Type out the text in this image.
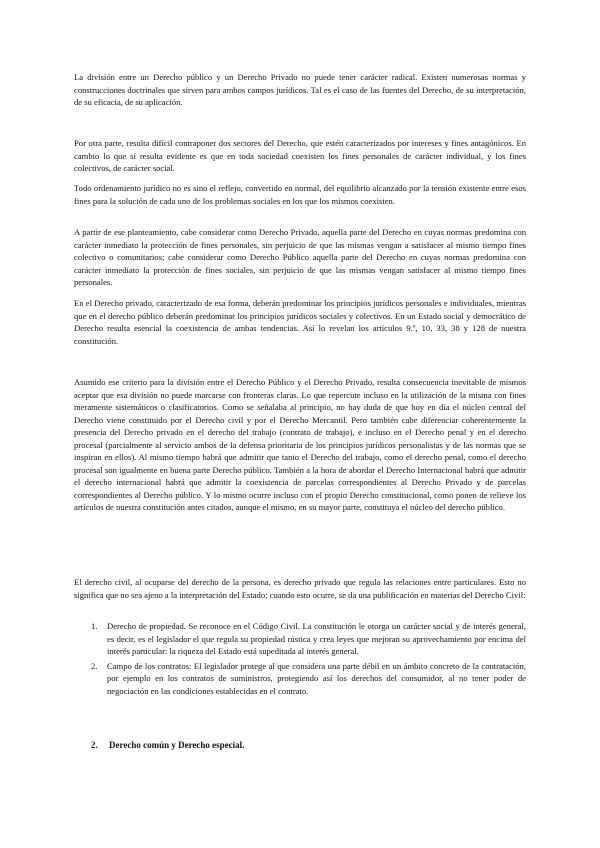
La división entre un Derecho público y un Derecho Privado no puede tener carácter radical. Existen numerosas normas y construcciones doctrinales que sirven para ambos campos jurídicos. Tal es el caso de las fuentes del Derecho, de su interpretación, de su eficacia, de su aplicación.

Por otra parte, resulta difícil contraponer dos sectores del Derecho, que estén caracterizados por intereses y fines antagónicos. En cambio lo que sí resulta evidente es que en toda sociedad coexisten los fines personales de carácter individual, y los fines colectivos, de carácter social.

Todo ordenamiento jurídico no es sino el reflejo, convertido en normal, del equilibrio alcanzado por la tensión existente entre esos fines para la solución de cada uno de los problemas sociales en los que los mismos coexisten.

A partir de ese planteamiento, cabe considerar como Derecho Privado, aquella parte del Derecho en cuyas normas predomina con carácter inmediato la protección de fines personales, sin perjuicio de que las mismas vengan a satisfacer al mismo tiempo fines colectivo o comunitarios; cabe considerar como Derecho Público aquella parte del Derecho en cuyas normas predomina con carácter inmediato la protección de fines sociales, sin perjuicio de que las mismas vengan satisfacer al mismo tiempo fines personales.

En el Derecho privado, caracterizado de esa forma, deberán predominar los principios jurídicos personales e individuales, mientras que en el derecho público deberán predominar los principios jurídicos sociales y colectivos. En un Estado social y democrático de Derecho resulta esencial la coexistencia de ambas tendencias. Así lo revelan los artículos 9.º, 10, 33, 38 y 128 de nuestra constitución.

Asumido ese criterio para la división entre el Derecho Público y el Derecho Privado, resulta consecuencia inevitable de mismos aceptar que esa división no puede marcarse con fronteras claras. Lo que repercute incluso en la utilización de la misma con fines meramente sistemáticos o clasificatorios. Como se señalaba al principio, no hay duda de que hoy en día el núcleo central del Derecho viene constituido por el Derecho civil y por el Derecho Mercantil. Pero también cabe diferenciar coherentemente la presencia del Derecho privado en el derecho del trabajo (contrato de trabajo), e incluso en el Derecho penal y en el derecho procesal (parcialmente al servicio ambos de la defensa prioritaria de los principios jurídicos personalistas y de las normas que se inspiran en ellos). Al mismo tiempo habrá que admitir que tanto el Derecho del trabajo, como el derecho penal, como el derecho procesal son igualmente en buena parte Derecho público. También a la hora de abordar el Derecho Internacional habrá que admitir el derecho internacional habrá que admitir la coexistencia de parcelas correspondientes al Derecho Privado y de parcelas correspondientes al Derecho público. Y lo mismo ocurre incluso con el propio Derecho constitucional, como ponen de relieve los artículos de nuestra constitución antes citados, aunque el mismo, en su mayor parte, constituya el núcleo del derecho público.

El derecho civil, al ocuparse del derecho de la persona, es derecho privado que regula las relaciones entre particulares. Esto no significa que no sea ajeno a la interpretación del Estado; cuando esto ocurre, se da una publificación en materias del Derecho Civil:

1. Derecho de propiedad. Se reconoce en el Código Civil. La constitución le otorga un carácter social y de interés general, es decir, es el legislador el que regula su propiedad rústica y crea leyes que mejoran su aprovechamiento por encima del interés particular: la riqueza del Estado está supeditada al interés general.
2. Campo de los contratos: El legislador protege al que considera una parte débil en un ámbito concreto de la contratación, por ejemplo en los contratos de suministros, protegiendo así los derechos del consumidor, al no tener poder de negociación en las condiciones establecidas en el contrato.

2. Derecho común y Derecho especial.
